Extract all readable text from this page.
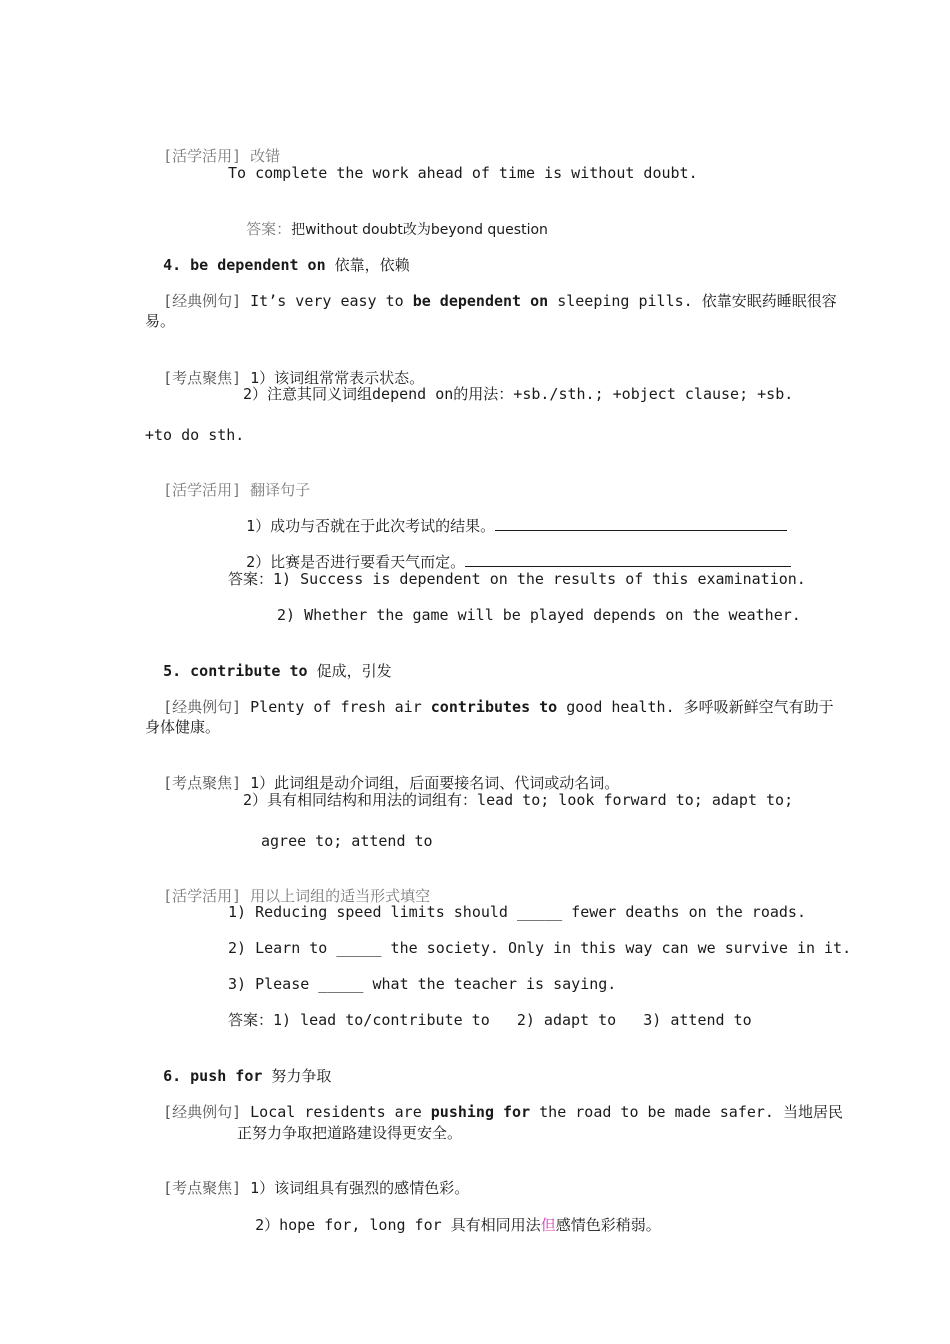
[活学活用] 改错

To complete the work ahead of time is without doubt.

答案：把without doubt改为beyond question

4. be dependent on 依靠，依赖

[经典例句] It’s very easy to be dependent on sleeping pills. 依靠安眠药睡眠很容

易。

[考点聚焦] 1）该词组常常表示状态。

2）注意其同义词组depend on的用法：+sb./sth.; +object clause; +sb.
+to do sth.

[活学活用] 翻译句子

1）成功与否就在于此次考试的结果。

2）比赛是否进行要看天气而定。

答案：1) Success is dependent on the results of this examination.
2) Whether the game will be played depends on the weather.

5. contribute to 促成，引发

[经典例句] Plenty of fresh air contributes to good health. 多呼吸新鲜空气有助于

身体健康。

[考点聚焦] 1）此词组是动介词组，后面要接名词、代词或动名词。

2）具有相同结构和用法的词组有：lead to; look forward to; adapt to;
agree to; attend to

[活学活用] 用以上词组的适当形式填空

1) Reducing speed limits should _____ fewer deaths on the roads.
2) Learn to _____ the society. Only in this way can we survive in it.
3) Please _____ what the teacher is saying.
答案：1) lead to/contribute to   2) adapt to   3) attend to

6. push for 努力争取

[经典例句] Local residents are pushing for the road to be made safer. 当地居民

正努力争取把道路建设得更安全。

[考点聚焦] 1）该词组具有强烈的感情色彩。

2）hope for, long for 具有相同用法但感情色彩稍弱。
